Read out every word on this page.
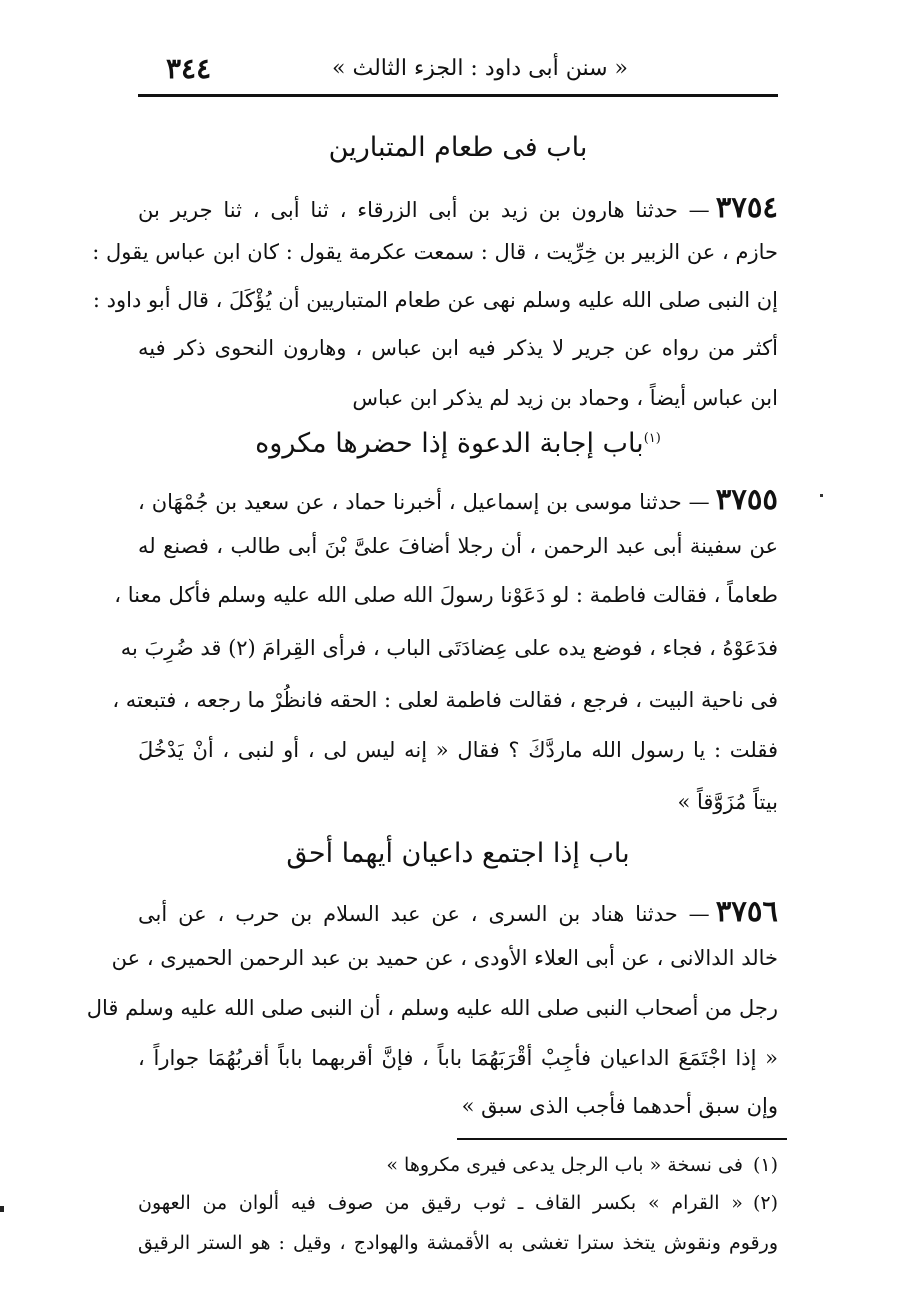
٣٤٤	« سنن أبى داود : الجزء الثالث »
باب فى طعام المتبارين
٣٧٥٤— حدثنا هارون بن زيد بن أبى الزرقاء ، ثنا أبى ، ثنا جرير بن
حازم ، عن الزبير بن خِرِّيت ، قال : سمعت عكرمة يقول : كان ابن عباس يقول :
إن النبى صلى الله عليه وسلم نهى عن طعام المتباريين أن يُؤْكَلَ ، قال أبو داود :
أكثر من رواه عن جرير لا يذكر فيه ابن عباس ، وهارون النحوى ذكر فيه
ابن عباس أيضاً ، وحماد بن زيد لم يذكر ابن عباس
$^{(١)}$باب إجابة الدعوة إذا حضرها مكروه
٣٧٥٥— حدثنا موسى بن إسماعيل ، أخبرنا حماد ، عن سعيد بن جُمْهَان ،
عن سفينة أبى عبد الرحمن ، أن رجلا أضافَ علىَّ بْنَ أبى طالب ، فصنع له
طعاماً ، فقالت فاطمة : لو دَعَوْنا رسولَ الله صلى الله عليه وسلم فأكل معنا ،
فدَعَوْهُ ، فجاء ، فوضع يده على عِضادَتَى الباب ، فرأى القِرامَ (٢) قد ضُرِبَ به
فى ناحية البيت ، فرجع ، فقالت فاطمة لعلى : الحقه فانظُرْ ما رجعه ، فتبعته ،
فقلت : يا رسول الله ماردَّكَ ؟ فقال « إنه ليس لى ، أو لنبى ، أنْ يَدْخُلَ
بيتاً مُزَوَّقاً »
باب إذا اجتمع داعيان أيهما أحق
٣٧٥٦— حدثنا هناد بن السرى ، عن عبد السلام بن حرب ، عن أبى
خالد الدالانى ، عن أبى العلاء الأودى ، عن حميد بن عبد الرحمن الحميرى ، عن
رجل من أصحاب النبى صلى الله عليه وسلم ، أن النبى صلى الله عليه وسلم قال
« إذا اجْتَمَعَ الداعيان فأجِبْ أقْرَبَهُمَا باباً ، فإنَّ أقربهما باباً أقربُهُمَا جواراً ،
وإن سبق أحدهما فأجب الذى سبق »
(١)فى نسخة « باب الرجل يدعى فيرى مكروها »
(٢)« القرام » بكسر القاف ـ ثوب رقيق من صوف فيه ألوان من العهون
ورقوم ونقوش يتخذ سترا تغشى به الأقمشة والهوادج ، وقيل : هو الستر الرقيق
